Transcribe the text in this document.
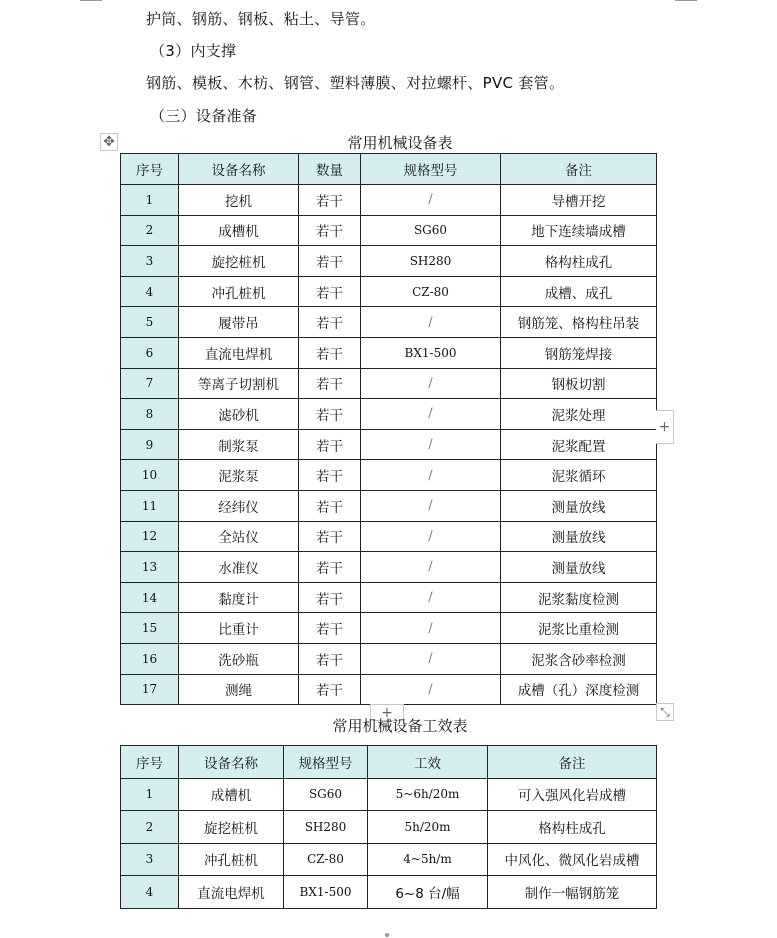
护筒、钢筋、钢板、粘土、导管。
（3）内支撑
钢筋、模板、木枋、钢管、塑料薄膜、对拉螺杆、PVC 套管。
（三）设备准备
✥	常用机械设备表
序号	设备名称	数量	规格型号	备注
1	挖机	若干	/	导槽开挖
2	成槽机	若干	SG60	地下连续墙成槽
3	旋挖桩机	若干	SH280	格构柱成孔
4	冲孔桩机	若干	CZ-80	成槽、成孔
5	履带吊	若干	/	钢筋笼、格构柱吊装
6	直流电焊机	若干	BX1-500	钢筋笼焊接
7	等离子切割机	若干	/	钢板切割
8	滤砂机	若干	/	泥浆处理
9	制浆泵	若干	/	泥浆配置
10	泥浆泵	若干	/	泥浆循环
11	经纬仪	若干	/	测量放线
12	全站仪	若干	/	测量放线
13	水准仪	若干	/	测量放线
14	黏度计	若干	/	泥浆黏度检测
15	比重计	若干	/	泥浆比重检测
16	洗砂瓶	若干	/	泥浆含砂率检测
17	测绳	若干	/	成槽（孔）深度检测
+
+	⤡
常用机械设备工效表
序号	设备名称	规格型号	工效	备注
1	成槽机	SG60	5~6h/20m	可入强风化岩成槽
2	旋挖桩机	SH280	5h/20m	格构柱成孔
3	冲孔桩机	CZ-80	4~5h/m	中风化、微风化岩成槽
4	直流电焊机	BX1-500	6~8 台/幅	制作一幅钢筋笼
